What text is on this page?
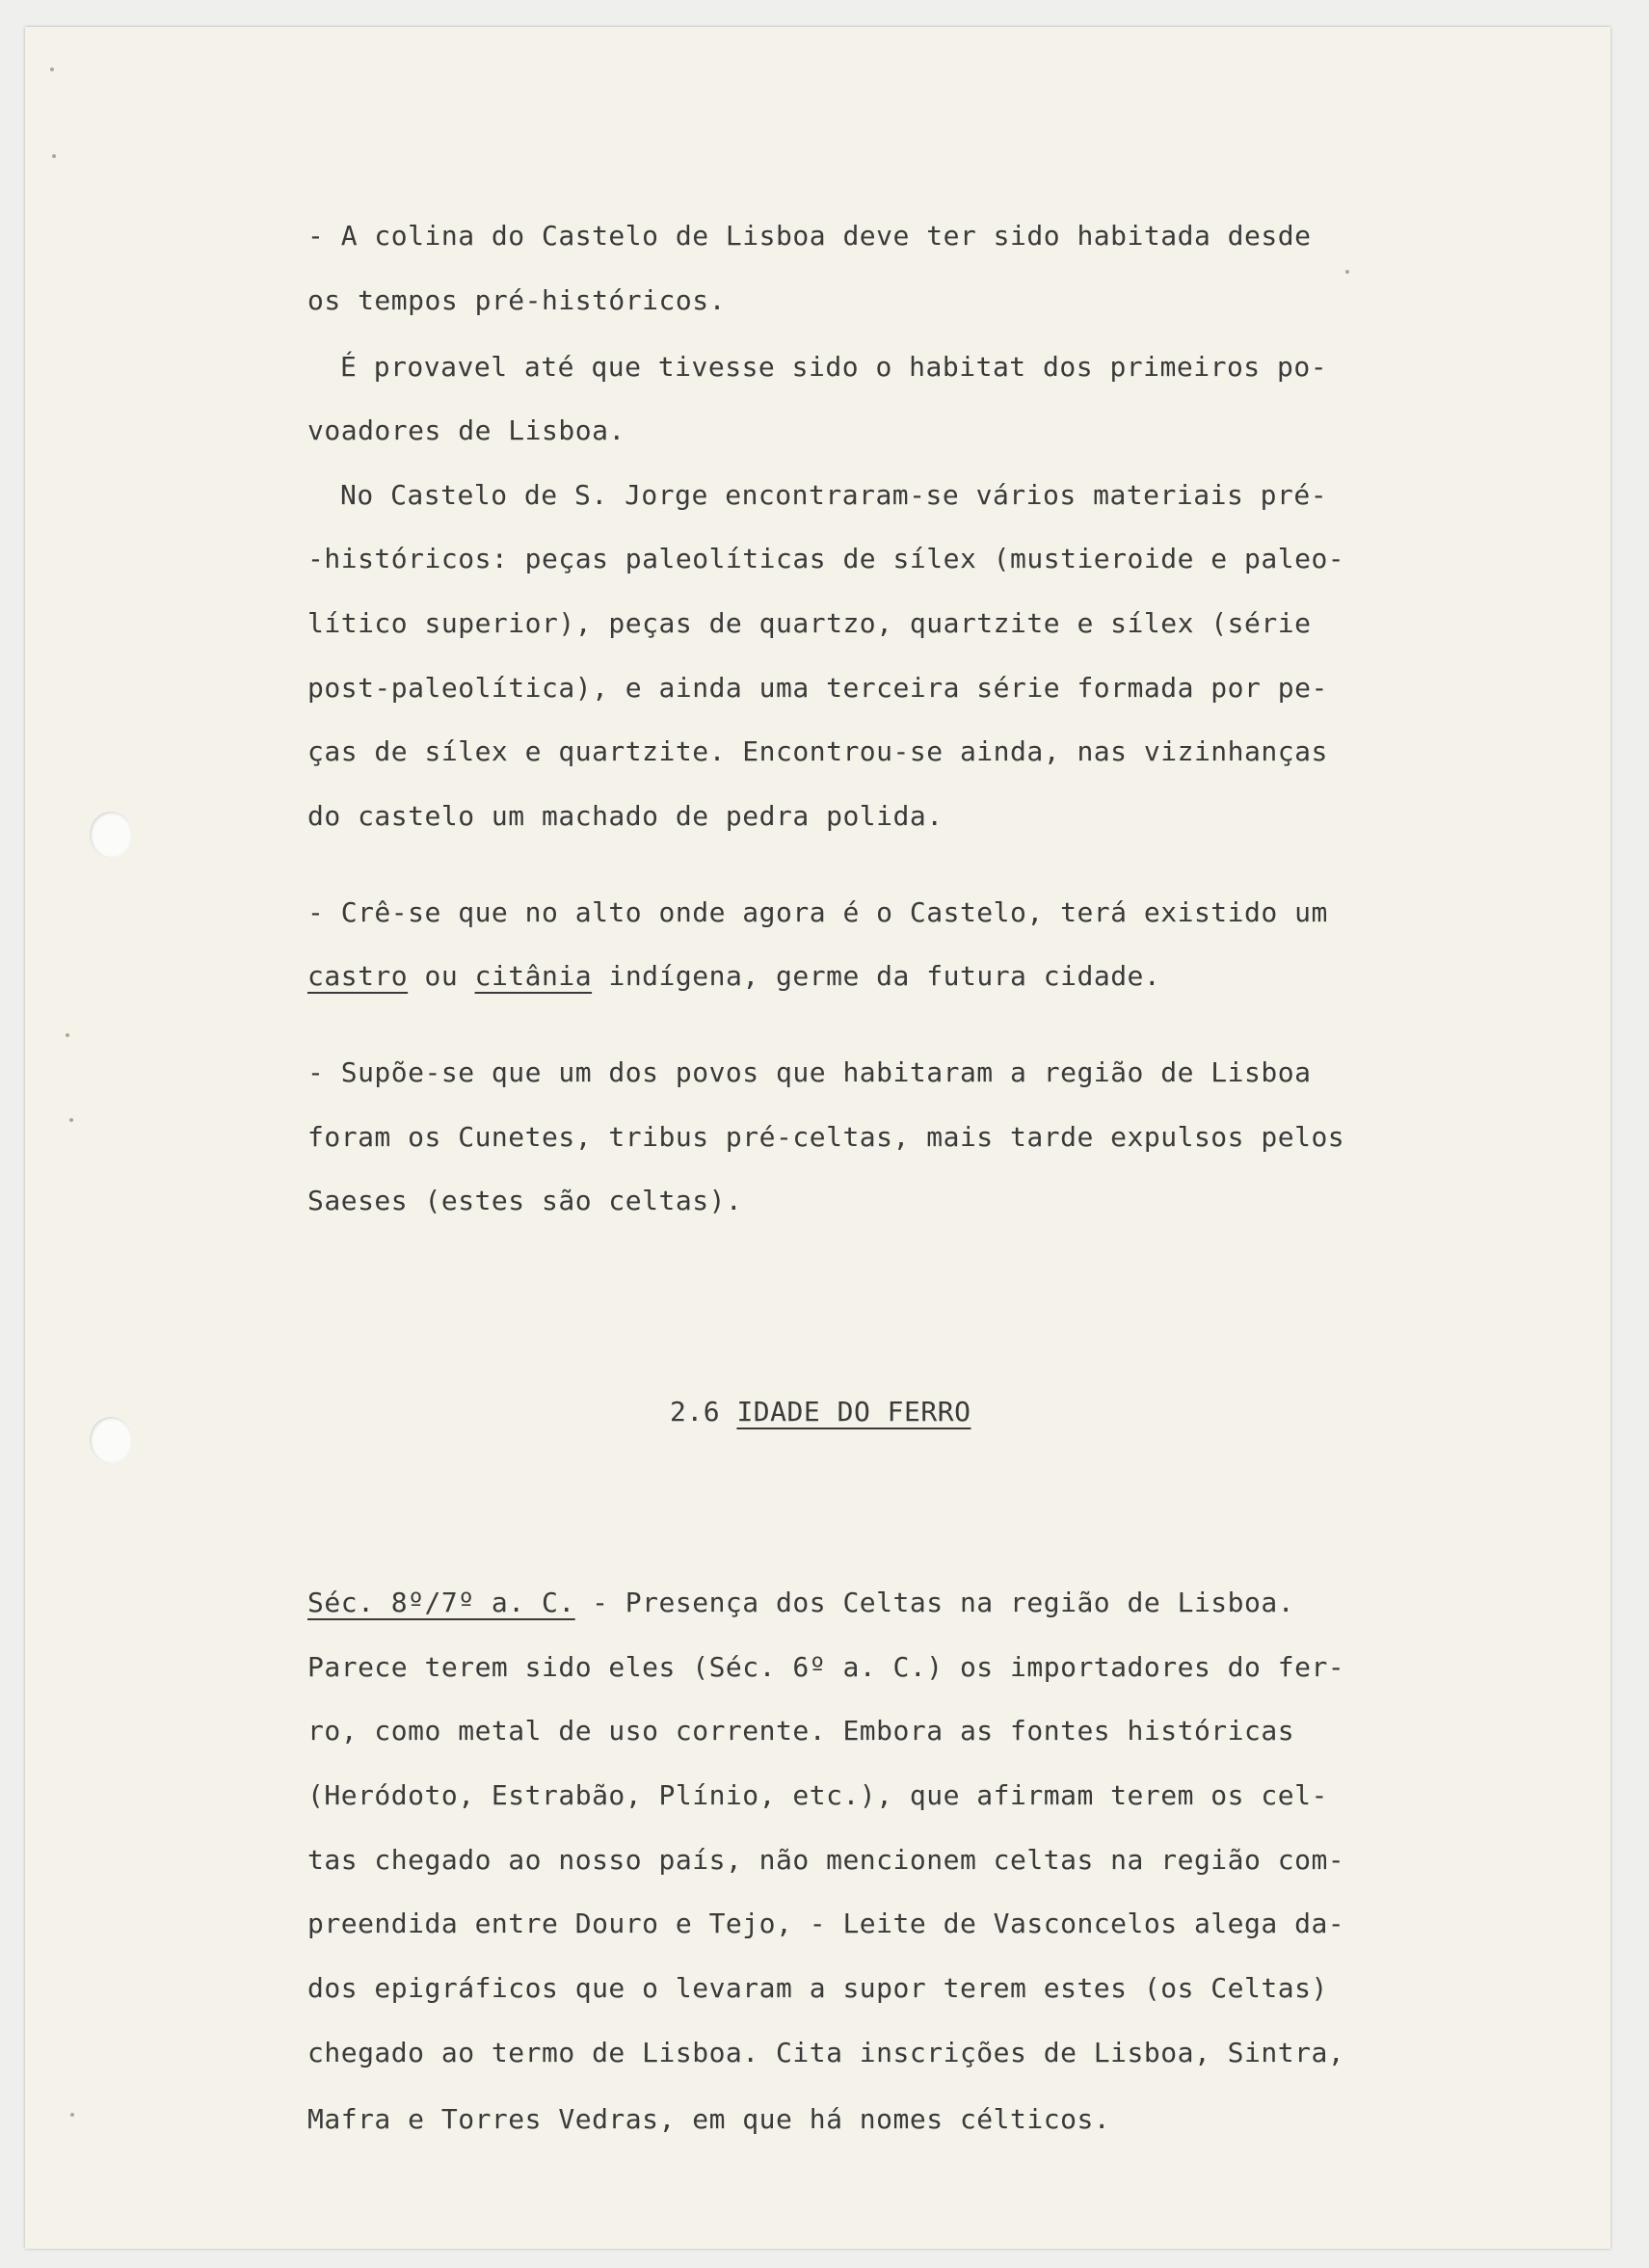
- A colina do Castelo de Lisboa deve ter sido habitada desde
os tempos pré-históricos.
É provavel até que tivesse sido o habitat dos primeiros po-
voadores de Lisboa.
No Castelo de S. Jorge encontraram-se vários materiais pré-
-históricos: peças paleolíticas de sílex (mustieroide e paleo-
lítico superior), peças de quartzo, quartzite e sílex (série
post-paleolítica), e ainda uma terceira série formada por pe-
ças de sílex e quartzite. Encontrou-se ainda, nas vizinhanças
do castelo um machado de pedra polida.
- Crê-se que no alto onde agora é o Castelo, terá existido um
castro ou citânia indígena, germe da futura cidade.
- Supõe-se que um dos povos que habitaram a região de Lisboa
foram os Cunetes, tribus pré-celtas, mais tarde expulsos pelos
Saeses (estes são celtas).
2.6 IDADE DO FERRO
Séc. 8º/7º a. C. - Presença dos Celtas na região de Lisboa.
Parece terem sido eles (Séc. 6º a. C.) os importadores do fer-
ro, como metal de uso corrente. Embora as fontes históricas
(Heródoto, Estrabão, Plínio, etc.), que afirmam terem os cel-
tas chegado ao nosso país, não mencionem celtas na região com-
preendida entre Douro e Tejo, - Leite de Vasconcelos alega da-
dos epigráficos que o levaram a supor terem estes (os Celtas)
chegado ao termo de Lisboa. Cita inscrições de Lisboa, Sintra,
Mafra e Torres Vedras, em que há nomes célticos.
